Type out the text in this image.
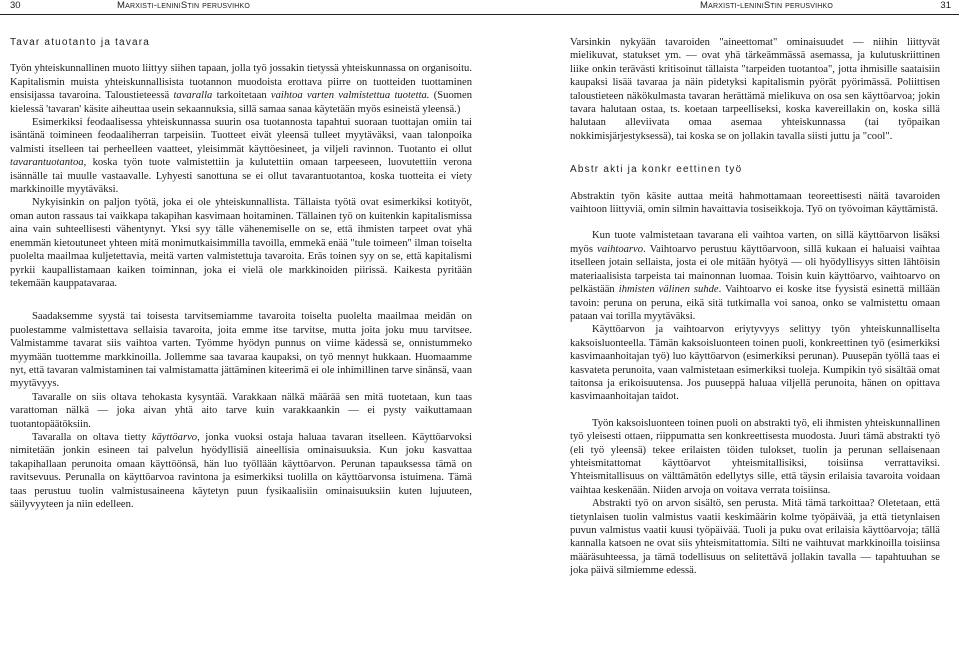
30	Marxisti-leniniStin perusvihko

Tavar atuotanto ja tavara

Työn yhteiskunnallinen muoto liittyy siihen tapaan, jolla työ jossakin tietyssä yhteiskunnassa on organisoitu. Kapitalismin muista yhteiskunnallisista tuotannon muodoista erottava piirre on tuotteiden tuottaminen ensisijassa tavaroina. Taloustieteessä tavaralla tarkoitetaan vaihtoa varten valmistettua tuotetta. (Suomen kielessä 'tavaran' käsite aiheuttaa usein sekaannuksia, sillä samaa sanaa käytetään myös esineistä yleensä.)

Esimerkiksi feodaalisessa yhteiskunnassa suurin osa tuotannosta tapahtui suoraan tuottajan omiin tai isäntänä toimineen feodaaliherran tarpeisiin. Tuotteet eivät yleensä tulleet myytäväksi, vaan talonpoika valmisti itselleen tai perheelleen vaatteet, yleisimmät käyttöesineet, ja viljeli ravinnon. Tuotanto ei ollut tavarantuotantoa, koska työn tuote valmistettiin ja kulutettiin omaan tarpeeseen, luovutettiin verona isännälle tai muulle vastaavalle. Lyhyesti sanottuna se ei ollut tavarantuotantoa, koska tuotteita ei viety markkinoille myytäväksi.

Nykyisinkin on paljon työtä, joka ei ole yhteiskunnallista. Tällaista työtä ovat esimerkiksi kotityöt, oman auton rassaus tai vaikkapa takapihan kasvimaan hoitaminen. Tällainen työ on kuitenkin kapitalismissa aina vain suhteellisesti vähentynyt. Yksi syy tälle vähenemiselle on se, että ihmisten tarpeet ovat yhä enemmän kietoutuneet yhteen mitä monimutkaisimmilla tavoilla, emmekä enää "tule toimeen" ilman toiselta puolelta maailmaa kuljetettavia, meitä varten valmistettuja tavaroita. Eräs toinen syy on se, että kapitalismi pyrkii kaupallistamaan kaiken toiminnan, joka ei vielä ole markkinoiden piirissä. Kaikesta pyritään tekemään kauppatavaraa.

Saadaksemme syystä tai toisesta tarvitsemiamme tavaroita toiselta puolelta maailmaa meidän on puolestamme valmistettava sellaisia tavaroita, joita emme itse tarvitse, mutta joita joku muu tarvitsee. Valmistamme tavarat siis vaihtoa varten. Työmme hyödyn punnus on viime kädessä se, onnistummeko myymään tuottemme markkinoilla. Jollemme saa tavaraa kaupaksi, on työ mennyt hukkaan. Huomaamme nyt, että tavaran valmistaminen tai valmistamatta jättäminen kiteerimä ei ole inhimillinen tarve sinänsä, vaan myytävyys.

Tavaralle on siis oltava tehokasta kysyntää. Varakkaan nälkä määrää sen mitä tuotetaan, kun taas varattoman nälkä — joka aivan yhtä aito tarve kuin varakkaankin — ei pysty vaikuttamaan tuotantopäätöksiin.

Tavaralla on oltava tietty käyttöarvo, jonka vuoksi ostaja haluaa tavaran itselleen. Käyttöarvoksi nimitetään jonkin esineen tai palvelun hyödyllisiä aineellisia ominaisuuksia. Kun joku kasvattaa takapihallaan perunoita omaan käyttöönsä, hän luo työllään käyttöarvon. Perunan tapauksessa tämä on ravitsevuus. Perunalla on käyttöarvoa ravintona ja esimerkiksi tuolilla on käyttöarvonsa istuimena. Tämä taas perustuu tuolin valmistusaineena käytetyn puun fysikaalisiin ominaisuuksiin kuten lujuuteen, säilyvyyteen ja niin edelleen.

Marxisti-leniniStin perusvihko	31

Varsinkin nykyään tavaroiden "aineettomat" ominaisuudet — niihin liittyvät mielikuvat, statukset ym. — ovat yhä tärkeämmässä asemassa, ja kulutuskriittinen liike onkin terävästi kritisoinut tällaista "tarpeiden tuotantoa", jotta ihmisille saataisiin kaupaksi lisää tavaraa ja näin pidetyksi kapitalismin pyörät pyörimässä. Poliittisen taloustieteen näkökulmasta tavaran herättämä mielikuva on osa sen käyttöarvoa; jokin tavara halutaan ostaa, ts. koetaan tarpeelliseksi, koska kavereillakin on, koska sillä halutaan alleviivata omaa asemaa yhteiskunnassa (tai työpaikan nokkimisjärjestyksessä), tai koska se on jollakin tavalla siisti juttu ja "cool".

Abstr akti ja konkr eettinen työ

Abstraktin työn käsite auttaa meitä hahmottamaan teoreettisesti näitä tavaroiden vaihtoon liittyviä, omin silmin havaittavia tosiseikkoja. Työ on työvoiman käyttämistä.

Kun tuote valmistetaan tavarana eli vaihtoa varten, on sillä käyttöarvon lisäksi myös vaihtoarvo. Vaihtoarvo perustuu käyttöarvoon, sillä kukaan ei haluaisi vaihtaa itselleen jotain sellaista, josta ei ole mitään hyötyä — oli hyödyllisyys sitten lähtöisin materiaalisista tarpeista tai mainonnan luomaa. Toisin kuin käyttöarvo, vaihtoarvo on pelkästään ihmisten välinen suhde. Vaihtoarvo ei koske itse fyysistä esinettä millään tavoin: peruna on peruna, eikä sitä tutkimalla voi sanoa, onko se valmistettu omaan pataan vai torilla myytäväksi.

Käyttöarvon ja vaihtoarvon eriytyvyys selittyy työn yhteiskunnalliselta kaksoisluonteella. Tämän kaksoisluonteen toinen puoli, konkreettinen työ (esimerkiksi kasvimaanhoitajan työ) luo käyttöarvon (esimerkiksi perunan). Puusepän työllä taas ei kasvateta perunoita, vaan valmistetaan esimerkiksi tuoleja. Kumpikin työ sisältää omat taitonsa ja erikoisuutensa. Jos puuseppä haluaa viljellä perunoita, hänen on opittava kasvimaanhoitajan taidot.

Työn kaksoisluonteen toinen puoli on abstrakti työ, eli ihmisten yhteiskunnallinen työ yleisesti ottaen, riippumatta sen konkreettisesta muodosta. Juuri tämä abstrakti työ (eli työ yleensä) tekee erilaisten töiden tulokset, tuolin ja perunan sellaisenaan yhteismitattomat käyttöarvot yhteismitallisiksi, toisiinsa verrattaviksi. Yhteismitallisuus on välttämätön edellytys sille, että täysin erilaisia tavaroita voidaan vaihtaa keskenään. Niiden arvoja on voitava verrata toisiinsa.

Abstrakti työ on arvon sisältö, sen perusta. Mitä tämä tarkoittaa? Oletetaan, että tietynlaisen tuolin valmistus vaatii keskimäärin kolme työpäivää, ja että tietynlaisen puvun valmistus vaatii kuusi työpäivää. Tuoli ja puku ovat erilaisia käyttöarvoja; tällä kannalla katsoen ne ovat siis yhteismitattomia. Silti ne vaihtuvat markkinoilla toisiinsa määräsuhteessa, ja tämä todellisuus on selitettävä jollakin tavalla — tapahtuuhan se joka päivä silmiemme edessä.
